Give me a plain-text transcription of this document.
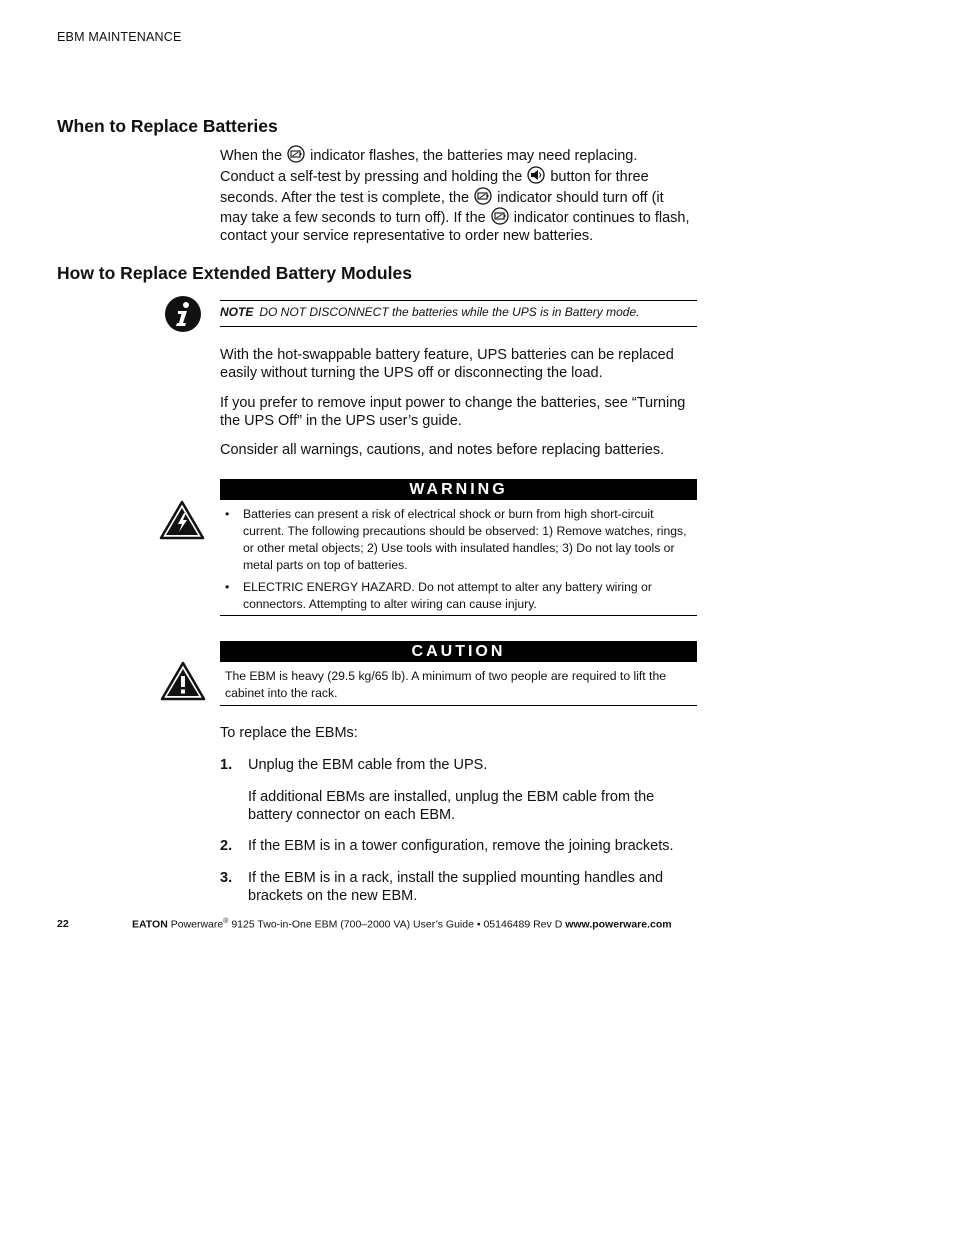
EBM MAINTENANCE
When to Replace Batteries
When the
indicator flashes, the batteries may need replacing. Conduct a self-test by pressing and holding the
button for three seconds. After the test is complete, the
indicator should turn off (it may take a few seconds to turn off). If the
indicator continues to flash, contact your service representative to order new batteries.
How to Replace Extended Battery Modules
NOTE DO NOT DISCONNECT the batteries while the UPS is in Battery mode.
With the hot-swappable battery feature, UPS batteries can be replaced easily without turning the UPS off or disconnecting the load.
If you prefer to remove input power to change the batteries, see “Turning the UPS Off” in the UPS user’s guide.
Consider all warnings, cautions, and notes before replacing batteries.
WARNING
• Batteries can present a risk of electrical shock or burn from high short-circuit current. The following precautions should be observed: 1) Remove watches, rings, or other metal objects; 2) Use tools with insulated handles; 3) Do not lay tools or metal parts on top of batteries.
• ELECTRIC ENERGY HAZARD. Do not attempt to alter any battery wiring or connectors. Attempting to alter wiring can cause injury.
CAUTION
The EBM is heavy (29.5 kg/65 lb). A minimum of two people are required to lift the cabinet into the rack.
To replace the EBMs:
1. Unplug the EBM cable from the UPS.
If additional EBMs are installed, unplug the EBM cable from the battery connector on each EBM.
2. If the EBM is in a tower configuration, remove the joining brackets.
3. If the EBM is in a rack, install the supplied mounting handles and brackets on the new EBM.
22	EATON Powerware® 9125 Two-in-One EBM (700–2000 VA) User’s Guide • 05146489 Rev D www.powerware.com
